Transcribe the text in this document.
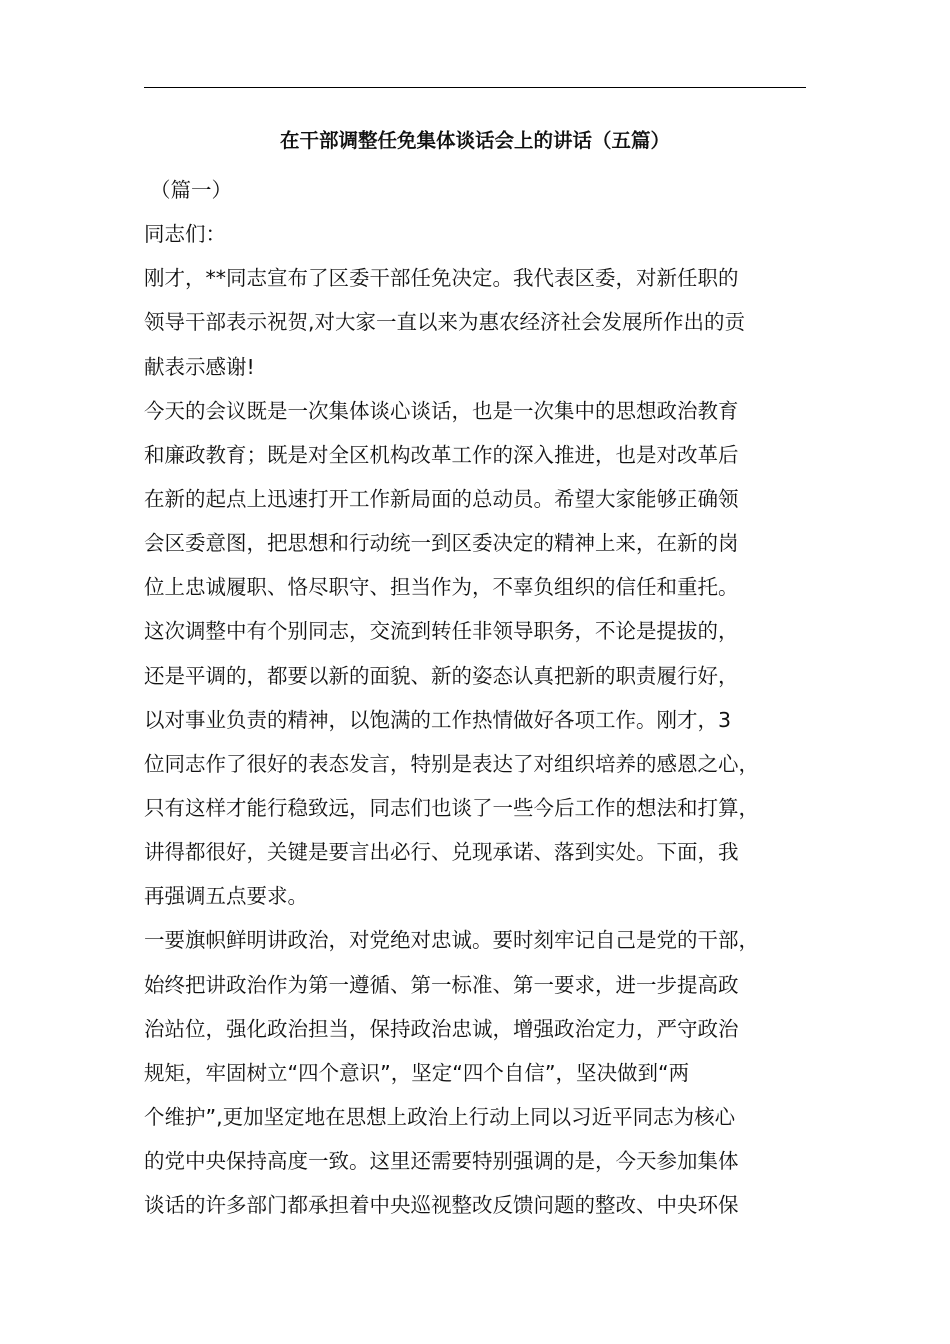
在干部调整任免集体谈话会上的讲话（五篇）
（篇一）
同志们：
刚才，**同志宣布了区委干部任免决定。我代表区委，对新任职的
领导干部表示祝贺,对大家一直以来为惠农经济社会发展所作出的贡
献表示感谢!
今天的会议既是一次集体谈心谈话，也是一次集中的思想政治教育
和廉政教育；既是对全区机构改革工作的深入推进，也是对改革后
在新的起点上迅速打开工作新局面的总动员。希望大家能够正确领
会区委意图，把思想和行动统一到区委决定的精神上来，在新的岗
位上忠诚履职、恪尽职守、担当作为，不辜负组织的信任和重托。
这次调整中有个别同志，交流到转任非领导职务，不论是提拔的，
还是平调的，都要以新的面貌、新的姿态认真把新的职责履行好，
以对事业负责的精神，以饱满的工作热情做好各项工作。刚才，3
位同志作了很好的表态发言，特别是表达了对组织培养的感恩之心，
只有这样才能行稳致远，同志们也谈了一些今后工作的想法和打算，
讲得都很好，关键是要言出必行、兑现承诺、落到实处。下面，我
再强调五点要求。
一要旗帜鲜明讲政治，对党绝对忠诚。要时刻牢记自己是党的干部，
始终把讲政治作为第一遵循、第一标准、第一要求，进一步提高政
治站位，强化政治担当，保持政治忠诚，增强政治定力，严守政治
规矩，牢固树立“四个意识”，坚定“四个自信”，坚决做到“两
个维护”,更加坚定地在思想上政治上行动上同以习近平同志为核心
的党中央保持高度一致。这里还需要特别强调的是，今天参加集体
谈话的许多部门都承担着中央巡视整改反馈问题的整改、中央环保
